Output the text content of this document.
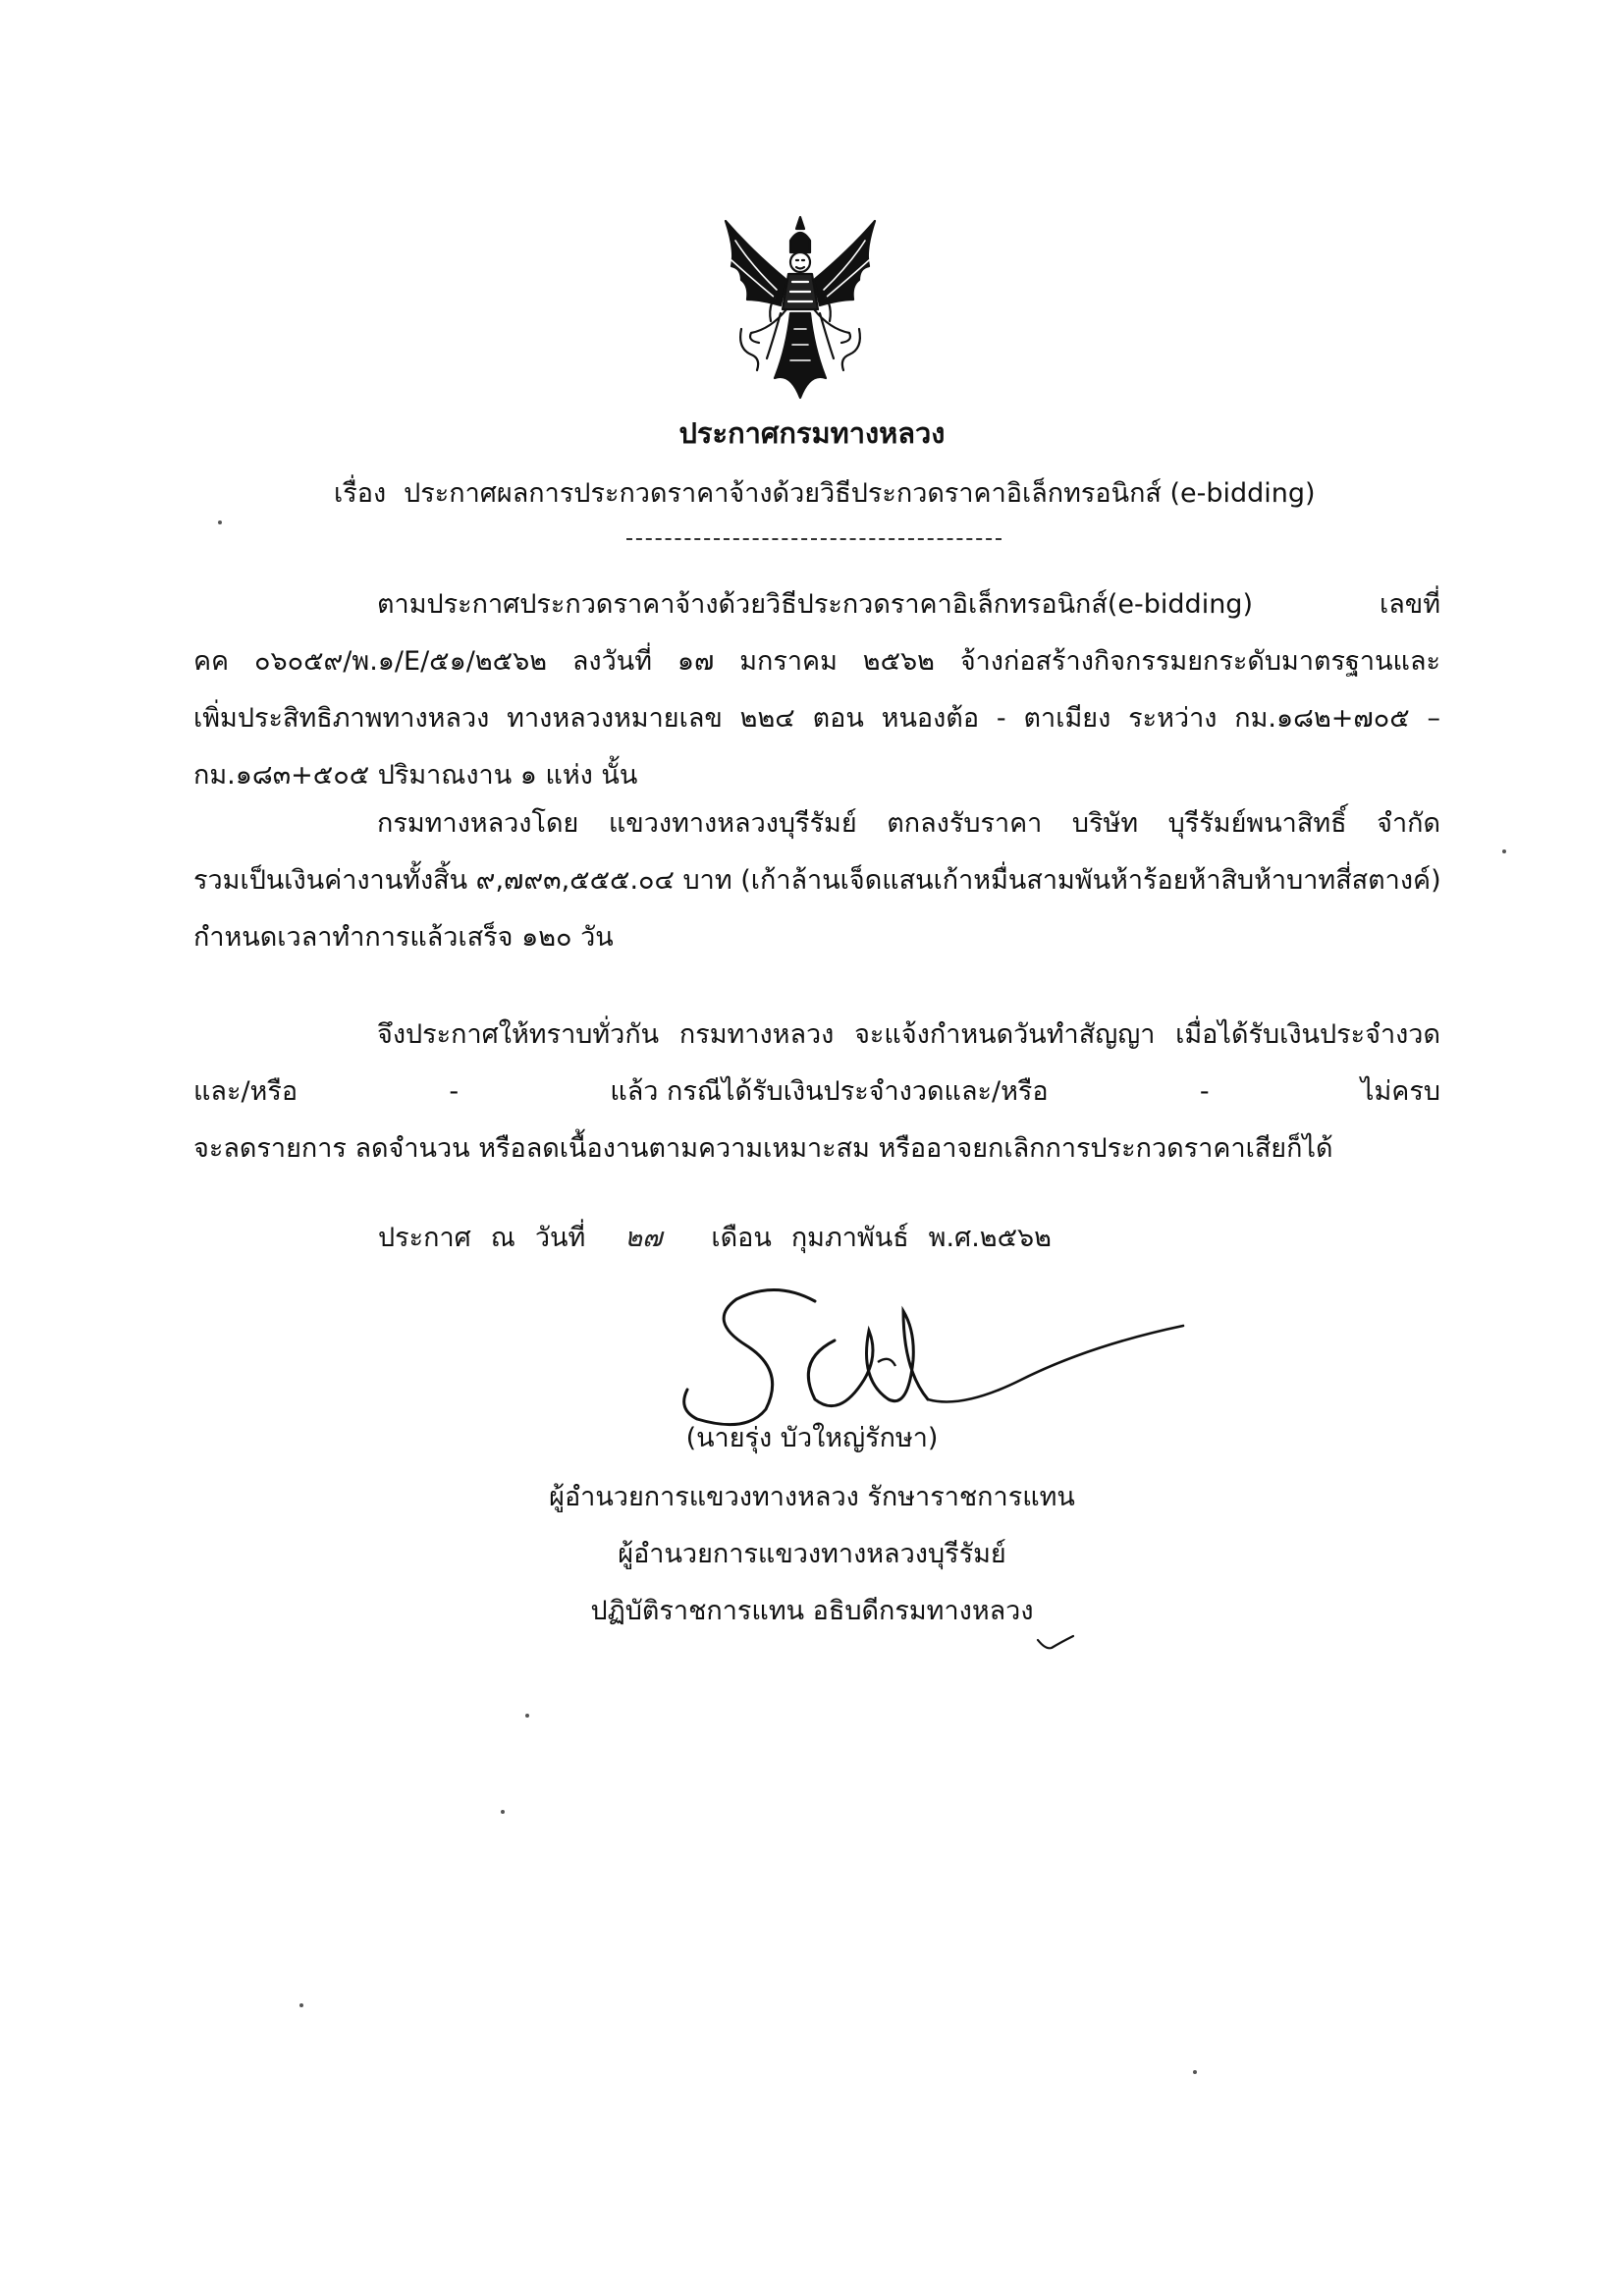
ประกาศกรมทางหลวง
เรื่อง ประกาศผลการประกวดราคาจ้างด้วยวิธีประกวดราคาอิเล็กทรอนิกส์ (e-bidding)
ตามประกาศประกวดราคาจ้างด้วยวิธีประกวดราคาอิเล็กทรอนิกส์(e-bidding) เลขที่
คค ๐๖๐๕๙/พ.๑/E/๕๑/๒๕๖๒ ลงวันที่ ๑๗ มกราคม ๒๕๖๒ จ้างก่อสร้างกิจกรรมยกระดับมาตรฐานและ
เพิ่มประสิทธิภาพทางหลวง ทางหลวงหมายเลข ๒๒๔ ตอน หนองต้อ - ตาเมียง ระหว่าง กม.๑๘๒+๗๐๕ –
กม.๑๘๓+๕๐๕ ปริมาณงาน ๑ แห่ง นั้น
กรมทางหลวงโดย แขวงทางหลวงบุรีรัมย์ ตกลงรับราคา บริษัท บุรีรัมย์พนาสิทธิ์ จำกัด
รวมเป็นเงินค่างานทั้งสิ้น ๙,๗๙๓,๕๕๕.๐๔ บาท (เก้าล้านเจ็ดแสนเก้าหมื่นสามพันห้าร้อยห้าสิบห้าบาทสี่สตางค์)
กำหนดเวลาทำการแล้วเสร็จ ๑๒๐ วัน
จึงประกาศให้ทราบทั่วกัน กรมทางหลวง จะแจ้งกำหนดวันทำสัญญา เมื่อได้รับเงินประจำงวด
และ/หรือ	-	แล้ว กรณีได้รับเงินประจำงวดและ/หรือ	-	ไม่ครบ
จะลดรายการ ลดจำนวน หรือลดเนื้องานตามความเหมาะสม หรืออาจยกเลิกการประกวดราคาเสียก็ได้
ประกาศ ณ วันที่ ๒๗ เดือน กุมภาพันธ์ พ.ศ.๒๕๖๒
(นายรุ่ง บัวใหญ่รักษา)
ผู้อำนวยการแขวงทางหลวง รักษาราชการแทน
ผู้อำนวยการแขวงทางหลวงบุรีรัมย์
ปฏิบัติราชการแทน อธิบดีกรมทางหลวง
